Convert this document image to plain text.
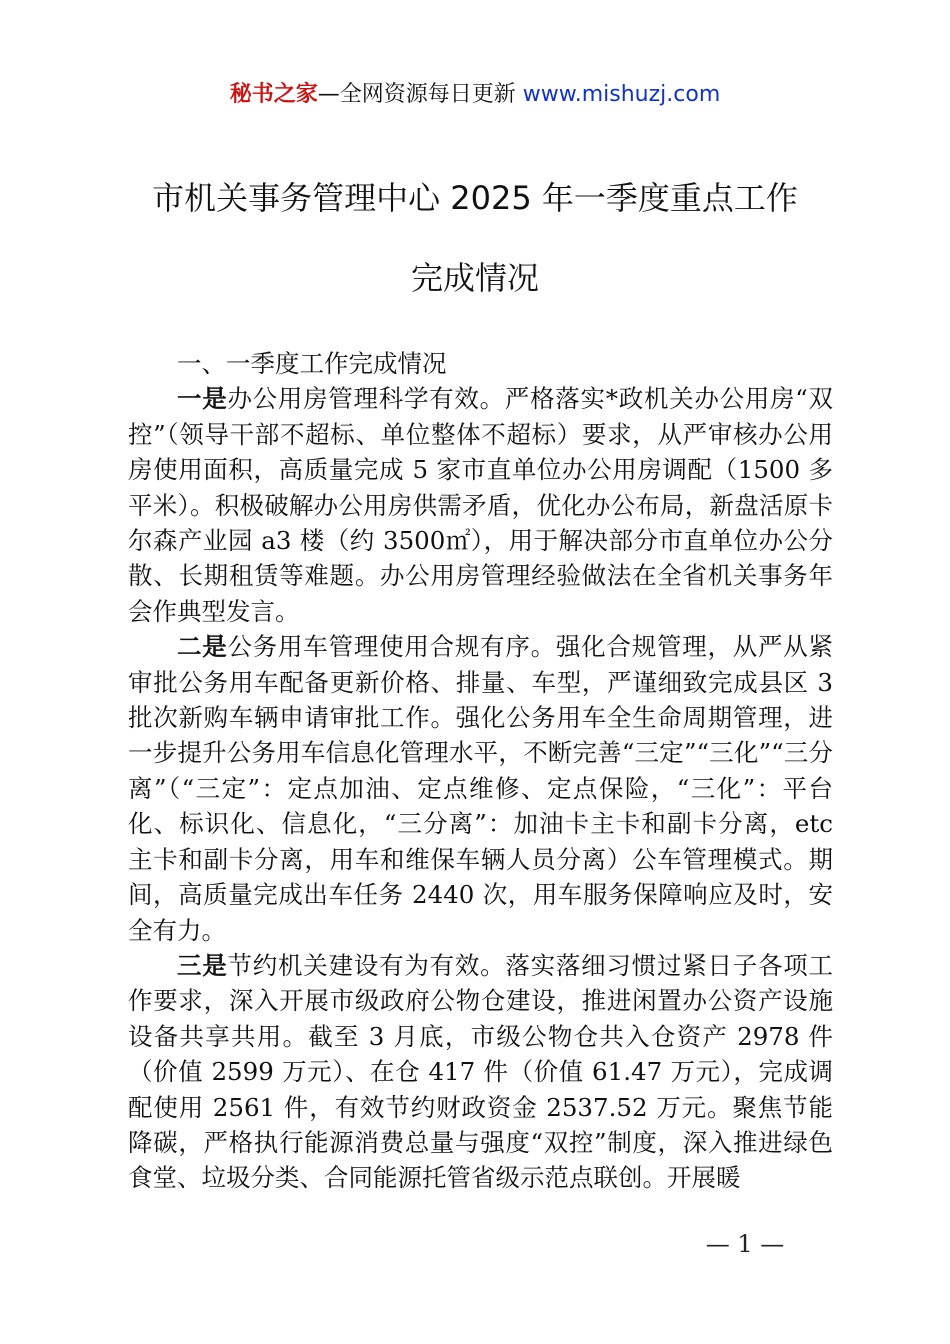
秘书之家—全网资源每日更新 www.mishuzj.com
市机关事务管理中心 2025 年一季度重点工作
完成情况

一、一季度工作完成情况

一是办公用房管理科学有效。严格落实*政机关办公用房“双控”（领导干部不超标、单位整体不超标）要求，从严审核办公用房使用面积，高质量完成 5 家市直单位办公用房调配（1500 多平米）。积极破解办公用房供需矛盾，优化办公布局，新盘活原卡尔森产业园 a3 楼（约 3500㎡），用于解决部分市直单位办公分散、长期租赁等难题。办公用房管理经验做法在全省机关事务年会作典型发言。

二是公务用车管理使用合规有序。强化合规管理，从严从紧审批公务用车配备更新价格、排量、车型，严谨细致完成县区 3 批次新购车辆申请审批工作。强化公务用车全生命周期管理，进一步提升公务用车信息化管理水平，不断完善“三定”“三化”“三分离”（“三定”：定点加油、定点维修、定点保险，“三化”：平台化、标识化、信息化，“三分离”：加油卡主卡和副卡分离，etc 主卡和副卡分离，用车和维保车辆人员分离）公车管理模式。期间，高质量完成出车任务 2440 次，用车服务保障响应及时，安全有力。

三是节约机关建设有为有效。落实落细习惯过紧日子各项工作要求，深入开展市级政府公物仓建设，推进闲置办公资产设施设备共享共用。截至 3 月底，市级公物仓共入仓资产 2978 件（价值 2599 万元）、在仓 417 件（价值 61.47 万元），完成调配使用 2561 件，有效节约财政资金 2537.52 万元。聚焦节能降碳，严格执行能源消费总量与强度“双控”制度，深入推进绿色食堂、垃圾分类、合同能源托管省级示范点联创。开展暖

— 1 —
